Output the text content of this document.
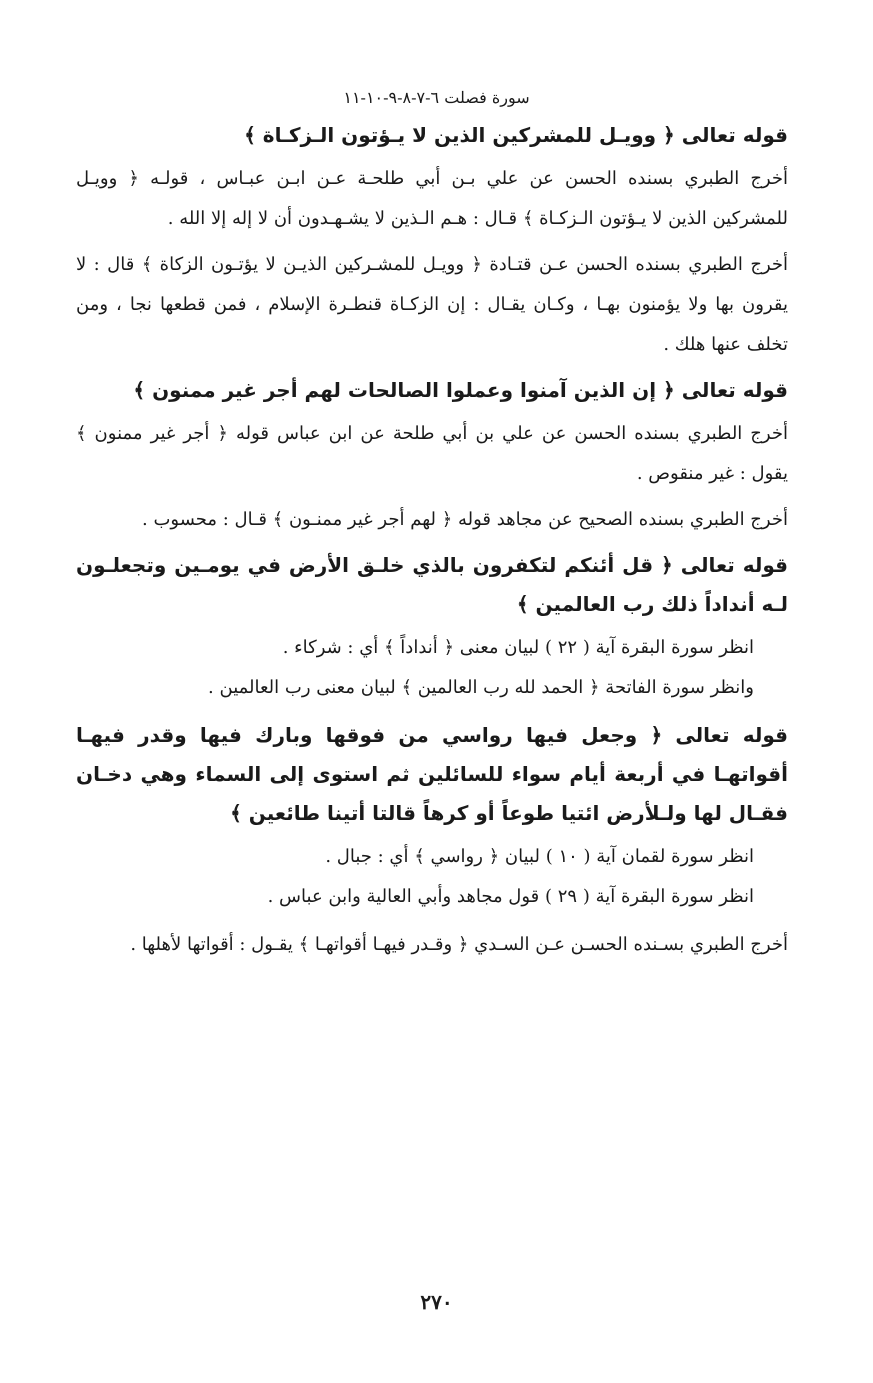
سورة فصلت ٦-٧-٨-٩-١٠-١١

قوله تعالى ﴿ وويـل للمشركين الذين لا يـؤتون الـزكـاة ﴾

أخرج الطبري بسنده الحسن عن علي بـن أبي طلحـة عـن ابـن عبـاس ، قولـه ﴿ وويـل للمشركين الذين لا يـؤتون الـزكـاة ﴾ قـال : هـم الـذين لا يشـهـدون أن لا إله إلا الله .

أخرج الطبري بسنده الحسن عـن قتـادة ﴿ وويـل للمشـركين الذيـن لا يؤتـون الزكاة ﴾ قال : لا يقرون بها ولا يؤمنون بهـا ، وكـان يقـال : إن الزكـاة قنطـرة الإسلام ، فمن قطعها نجا ، ومن تخلف عنها هلك .

قوله تعالى ﴿ إن الذين آمنوا وعملوا الصالحات لهم أجر غير ممنون ﴾

أخرج الطبري بسنده الحسن عن علي بن أبي طلحة عن ابن عباس قوله ﴿ أجر غير ممنون ﴾ يقول : غير منقوص .

أخرج الطبري بسنده الصحيح عن مجاهد قوله ﴿ لهم أجر غير ممنـون ﴾ قـال : محسوب .

قوله تعالى ﴿ قل أئنكم لتكفرون بالذي خلـق الأرض في يومـين وتجعلـون لـه أنداداً ذلك رب العالمين ﴾

انظر سورة البقرة آية ( ٢٢ ) لبيان معنى ﴿ أنداداً ﴾ أي : شركاء .

وانظر سورة الفاتحة ﴿ الحمد لله رب العالمين ﴾ لبيان معنى رب العالمين .

قوله تعالى ﴿ وجعل فيها رواسي من فوقها وبارك فيها وقدر فيهـا أقواتهـا في أربعة أيام سواء للسائلين ثم استوى إلى السماء وهي دخـان فقـال لها ولـلأرض ائتيا طوعاً أو كرهاً قالتا أتينا طائعين ﴾

انظر سورة لقمان آية ( ١٠ ) لبيان ﴿ رواسي ﴾ أي : جبال .

انظر سورة البقرة آية ( ٢٩ ) قول مجاهد وأبي العالية وابن عباس .

أخرج الطبري بسـنده الحسـن عـن السـدي ﴿ وقـدر فيهـا أقواتهـا ﴾ يقـول : أقواتها لأهلها .

٢٧٠
